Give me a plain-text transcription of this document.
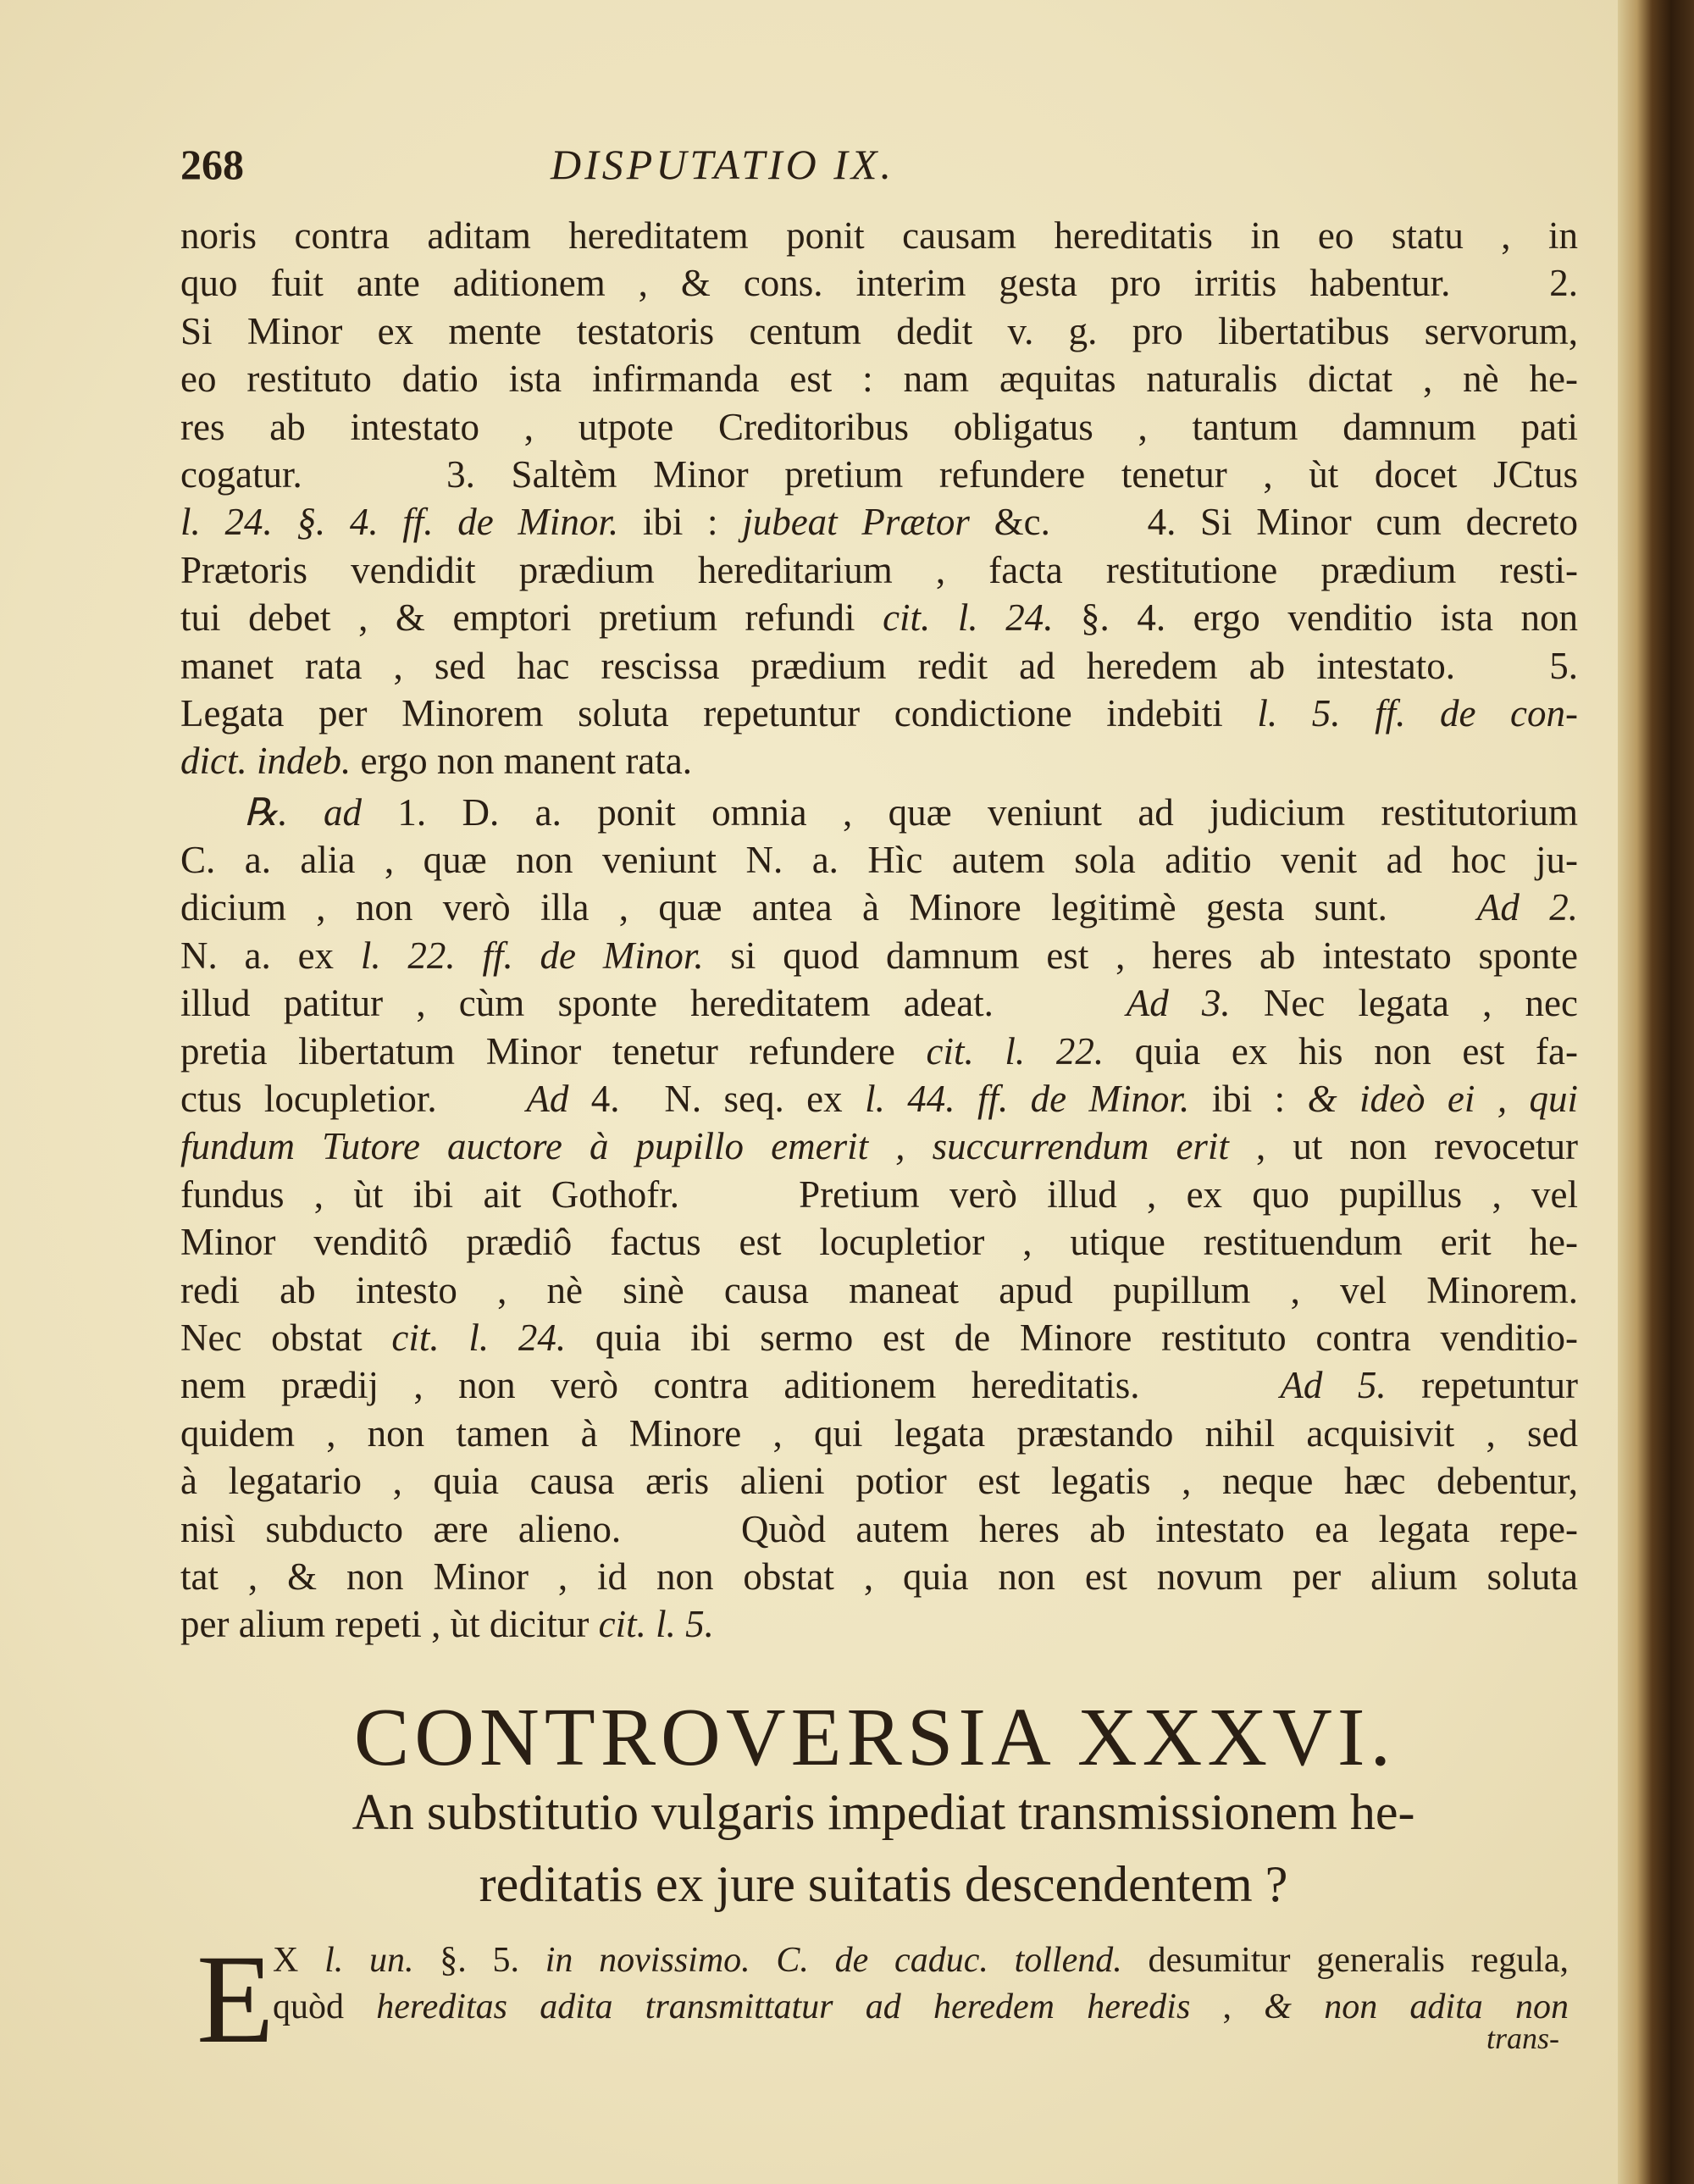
268	DISPUTATIO IX.
noris contra aditam hereditatem ponit causam hereditatis in eo statu , in
quo fuit ante aditionem , & cons. interim gesta pro irritis habentur.   2.
Si Minor ex mente testatoris centum dedit v. g. pro libertatibus servorum,
eo restituto datio ista infirmanda est : nam æquitas naturalis dictat , nè he-
res ab intestato , utpote Creditoribus obligatus , tantum damnum pati
cogatur.    3. Saltèm Minor pretium refundere tenetur , ùt docet JCtus
l. 24. §. 4. ff. de Minor. ibi : jubeat Prætor &c.    4. Si Minor cum decreto
Prætoris vendidit prædium hereditarium , facta restitutione prædium resti-
tui debet , & emptori pretium refundi cit. l. 24. §. 4. ergo venditio ista non
manet rata , sed hac rescissa prædium redit ad heredem ab intestato.   5.
Legata per Minorem soluta repetuntur condictione indebiti l. 5. ff. de con-
dict. indeb. ergo non manent rata.
℞. ad 1. D. a. ponit omnia , quæ veniunt ad judicium restitutorium
C. a. alia , quæ non veniunt N. a. Hìc autem sola aditio venit ad hoc ju-
dicium , non verò illa , quæ antea à Minore legitimè gesta sunt.   Ad 2.
N. a. ex l. 22. ff. de Minor. si quod damnum est , heres ab intestato sponte
illud patitur , cùm sponte hereditatem adeat.    Ad 3. Nec legata , nec
pretia libertatum Minor tenetur refundere cit. l. 22. quia ex his non est fa-
ctus locupletior.    Ad 4.  N. seq. ex l. 44. ff. de Minor. ibi : & ideò ei , qui
fundum Tutore auctore à pupillo emerit , succurrendum erit , ut non revocetur
fundus , ùt ibi ait Gothofr.    Pretium verò illud , ex quo pupillus , vel
Minor venditô prædiô factus est locupletior , utique restituendum erit he-
redi ab intesto , nè sinè causa maneat apud pupillum , vel Minorem.
Nec obstat cit. l. 24. quia ibi sermo est de Minore restituto contra venditio-
nem prædij , non verò contra aditionem hereditatis.    Ad 5. repetuntur
quidem , non tamen à Minore , qui legata præstando nihil acquisivit , sed
à legatario , quia causa æris alieni potior est legatis , neque hæc debentur,
nisì subducto ære alieno.    Quòd autem heres ab intestato ea legata repe-
tat , & non Minor , id non obstat , quia non est novum per alium soluta
per alium repeti , ùt dicitur cit. l. 5.
CONTROVERSIA XXXVI.
An substitutio vulgaris impediat transmissionem he-
reditatis ex jure suitatis descendentem ?
E
X l. un. §. 5. in novissimo. C. de caduc. tollend. desumitur generalis regula,
quòd hereditas adita transmittatur ad heredem heredis , & non adita non
trans-
